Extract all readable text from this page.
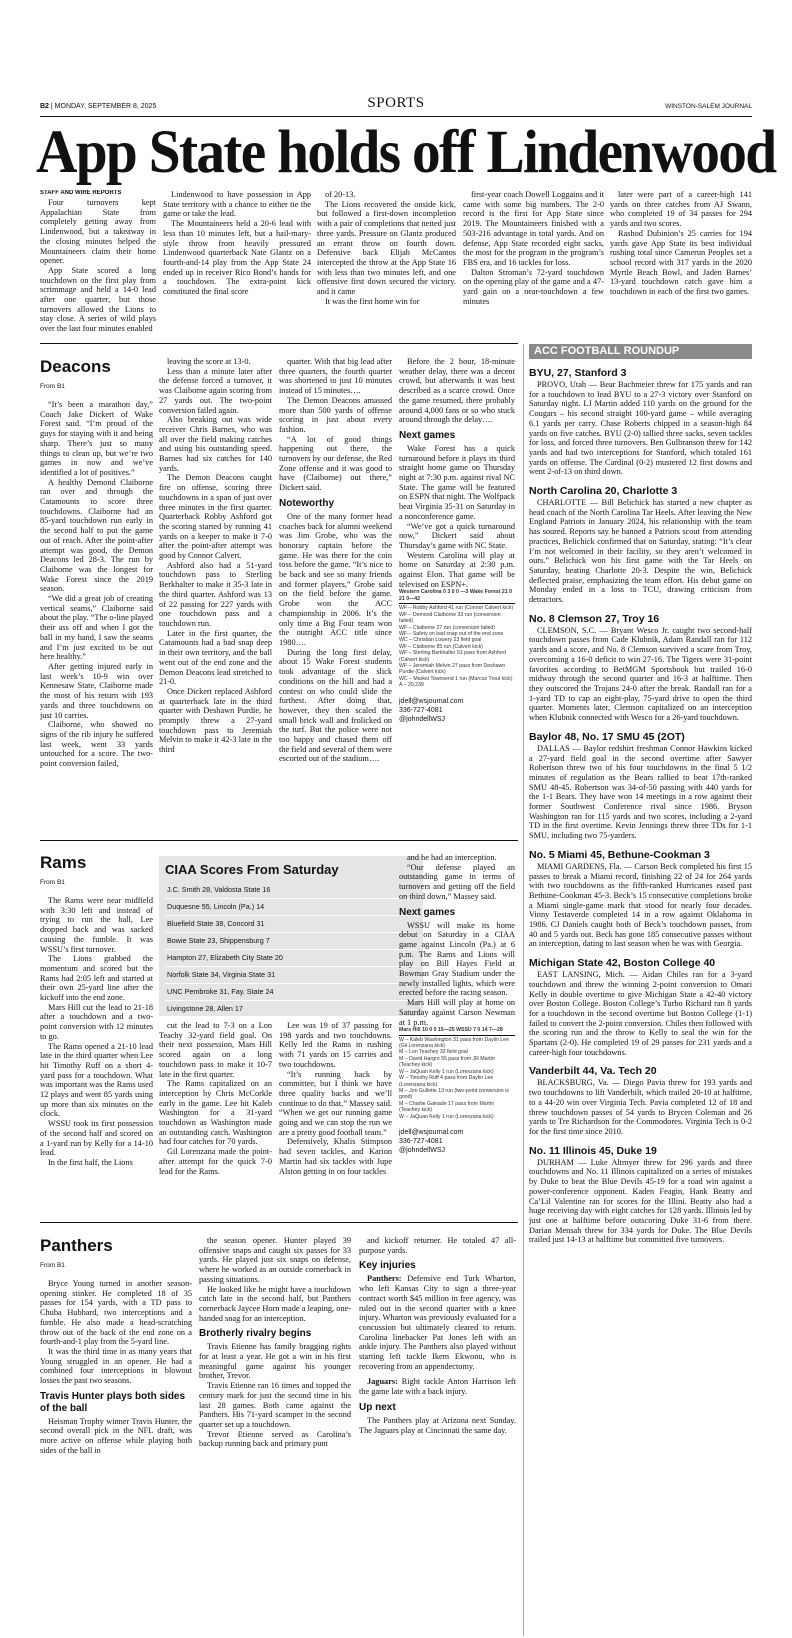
B2 | MONDAY, SEPTEMBER 8, 2025	SPORTS	WINSTON-SALEM JOURNAL
App State holds off Lindenwood
STAFF AND WIRE REPORTS

Four turnovers kept Appalachian State from completely getting away from Lindenwood, but a takeaway in the closing minutes helped the Mountaineers claim their home opener.

App State scored a long touchdown on the first play from scrimmage and held a 14-0 lead after one quarter, but those turnovers allowed the Lions to stay close. A series of wild plays over the last four minutes enabled

Lindenwood to have possession in App State territory with a chance to either tie the game or take the lead.

The Mountaineers held a 20-6 lead with less than 10 minutes left, but a hail-mary-style throw from heavily pressured Lindenwood quarterback Nate Glantz on a fourth-and-14 play from the App State 24 ended up in receiver Rico Bond’s hands for a touchdown. The extra-point kick constituted the final score

of 20-13.

The Lions recovered the onside kick, but followed a first-down incompletion with a pair of completions that netted just three yards. Pressure on Glantz produced an errant throw on fourth down. Defensive back Elijah McCantos intercepted the throw at the App State 16 with less than two minutes left, and one offensive first down secured the victory. and it came

It was the first home win for

first-year coach Dowell Loggains and it came with some big numbers. The 2-0 record is the first for App State since 2019. The Mountaineers finished with a 503-216 advantage in total yards. And on defense, App State recorded eight sacks, the most for the program in the program’s FBS era, and 16 tackles for loss.

Dalton Stroman’s 72-yard touchdown on the opening play of the game and a 47-yard gain on a near-touchdown a few minutes

later were part of a career-high 141 yards on three catches from AJ Swann, who completed 19 of 34 passes for 294 yards and two scores.

Rashod Dubinion’s 25 carries for 194 yards gave App State its best individual rushing total since Camerun Peoples set a school record with 317 yards in the 2020 Myrtle Beach Bowl, and Jaden Barnes’ 13-yard touchdown catch gave him a touchdown in each of the first two games.

Deacons
From B1

“It’s been a marathon day,” Coach Jake Dickert of Wake Forest said. “I’m proud of the guys for staying with it and being sharp. There’s just so many things to clean up, but we’re two games in now and we’ve identified a lot of positives.”

A healthy Demond Claiborne ran over and through the Catamounts to score three touchdowns. Claiborne had an 85-yard touchdown run early in the second half to put the game out of reach. After the point-after attempt was good, the Demon Deacons led 28-3. The run by Claiborne was the longest for Wake Forest since the 2019 season.

“We did a great job of creating vertical seams,” Claiborne said about the play. “The o-line played their ass off and when I got the ball in my hand, I saw the seams and I’m just excited to be out here healthy.”

After getting injured early in last week’s 10-9 win over Kennesaw State, Claiborne made the most of his return with 193 yards and three touchdowns on just 10 carries.

Claiborne, who showed no signs of the rib injury he suffered last week, went 33 yards untouched for a score. The two-point conversion failed,

leaving the score at 13-0.

Less than a minute later after the defense forced a turnover, it was Claiborne again scoring from 27 yards out. The two-point conversion failed again.

Also breaking out was wide receiver Chris Barnes, who was all over the field making catches and using his outstanding speed. Barnes had six catches for 140 yards.

The Demon Deacons caught fire on offense, scoring three touchdowns in a span of just over three minutes in the first quarter. Quarterback Robby Ashford got the scoring started by running 41 yards on a keeper to make it 7-0 after the point-after attempt was good by Connor Calvert.

Ashford also had a 51-yard touchdown pass to Sterling Berkhalter to make it 35-3 late in the third quarter. Ashford was 13 of 22 passing for 227 yards with one touchdown pass and a touchdown run.

Later in the first quarter, the Catamounts had a bad snap deep in their own territory, and the ball went out of the end zone and the Demon Deacons lead stretched to 21-0.

Once Dickert replaced Ashford at quarterback late in the third quarter with Deshawn Purdie, he promptly threw a 27-yard touchdown pass to Jeremiah Melvin to make it 42-3 late in the third

quarter. With that big lead after three quarters, the fourth quarter was shortened to just 10 minutes instead of 15 minutes….

The Demon Deacons amassed more than 500 yards of offense scoring in just about every fashion.

“A lot of good things happening out there, the turnovers by our defense, the Red Zone offense and it was good to have (Claiborne) out there,” Dickert said.

Noteworthy

One of the many former head coaches back for alumni weekend was Jim Grobe, who was the honorary captain before the game. He was there for the coin toss before the game. “It’s nice to be back and see so many friends and former players,” Grobe said on the field before the game. Grobe won the ACC championship in 2006. It’s the only time a Big Four team won the outright ACC title since 1980….

During the long first delay, about 15 Wake Forest students took advantage of the slick conditions on the hill and had a contest on who could slide the furthest. After doing that, however, they then scaled the small brick wall and frolicked on the turf. But the police were not too happy and chased them off the field and several of them were escorted out of the stadium….

Before the 2 hour, 18-minute weather delay, there was a decent crowd, but afterwards it was best described as a scarce crowd. Once the game resumed, there probably around 4,000 fans or so who stuck around through the delay….

Next games

Wake Forest has a quick turnaround before it plays its third straight home game on Thursday night at 7:30 p.m. against rival NC State. The game will be featured on ESPN that night. The Wolfpack beat Virginia 35-31 on Saturday in a nonconference game.

“We’ve got a quick turnaround now,” Dickert said about Thursday’s game with NC State.

Western Carolina will play at home on Saturday at 2:30 p.m. against Elon. That game will be televised on ESPN+.

Western Carolina 0 3 0 0 —3 Wake Forest 21 0 21 0—42
WF – Robby Ashford 41 run (Connor Calvert kick)
WF – Demond Claiborne 33 run (conversion failed)
WF – Claiborne 27 run (conversion failed)
WF – Safety on bad snap out of the end zone
WC – Christian Lowery 23 field goal
WF – Claiborne 85 run (Calvert kick)
WF – Sterling Berkhalter 51 pass from Ashford (Calvert kick)
WF – Jeremiah Melvin 27 pass from Deshawn Purdie (Calvert kick)
WC – Markel Townsend 1 run (Marcus Trout kick)
A – 29,239
jdell@wsjournal.com
336-727-4081
@johndellWSJ
Rams
From B1

The Rams were near midfield with 3:30 left and instead of trying to run the ball, Lee dropped back and was sacked causing the fumble. It was WSSU’s first turnover.

The Lions grabbed the momentum and scored but the Rams had 2:05 left and started at their own 25-yard line after the kickoff into the end zone.

Mars Hill cut the lead to 21-18 after a touchdown and a two-point conversion with 12 minutes to go.

The Rams opened a 21-10 lead late in the third quarter when Lee hit Timothy Ruff on a short 4-yard pass for a touchdown. What was important was the Rams used 12 plays and went 85 yards using up more than six minutes on the clock.

WSSU took its first possession of the second half and scored on a 1-yard run by Kelly for a 14-10 lead.

In the first half, the Lions

CIAA Scores From Saturday
J.C. Smith 28, Valdosta State 16
Duquesne 55, Lincoln (Pa.) 14
Bluefield State 38, Concord 31
Bowie State 23, Shippensburg 7
Hampton 27, Elizabeth City State 20
Norfolk State 34, Virginia State 31
UNC Pembroke 31, Fay. State 24
Livingstone 28, Allen 17

cut the lead to 7-3 on a Lon Teachy 32-yard field goal. On their next possession, Mars Hill scored again on a long touchdown pass to make it 10-7 late in the first quarter.

The Rams capitalized on an interception by Chris McCorkle early in the game. Lee hit Kaleb Washington for a 31-yard touchdown as Washington made an outstanding catch. Washington had four catches for 70 yards.

Gil Lorenzana made the point-after attempt for the quick 7-0 lead for the Rams.

Lee was 19 of 37 passing for 198 yards and two touchdowns. Kelly led the Rams in rushing with 71 yards on 15 carries and two touchdowns.

“It’s running back by committee, but I think we have three quality backs and we’ll continue to do that,” Massey said. “When we get our running game going and we can stop the run we are a pretty good football team.”

Defensively, Khalis Stimpson had seven tackles, and Karion Martin had six tackles with Jupe Alston getting in on four tackles

and he had an interception.

“Our defense played an outstanding game in terms of turnovers and getting off the field on third down,” Massey said.

Next games

WSSU will make its home debut on Saturday in a CIAA game against Lincoln (Pa.) at 6 p.m. The Rams and Lions will play on Bill Hayes Field at Bowman Gray Stadium under the newly installed lights, which were erected before the racing season.

Mars Hill will play at home on Saturday against Carson Newman at 1 p.m.

Mars Hill 10 0 0 15—25 WSSU 7 0 14 7—28
W – Kaleb Washington 31 pass from Daylin Lee (Gil Lorenzana kick)
M – Lon Teachey 32 field goal
M – David Hargro 55 pass from JR Martin (Teachey kick)
W – JaQuan Kelly 1 run (Lorenzana kick)
W – Timothy Ruff 4 pass from Daylin Lee (Lorenzana kick)
M – Jon Gullette 13 run (two-point conversion is good)
M – Charlie Gainade 17 pass from Martin (Teachey kick)
W – JaQuan Kelly 1 run (Lorenzana kick)
jdell@wsjournal.com
336-727-4081
@johndellWSJ
Panthers
From B1

Bryce Young turned in another season-opening stinker. He completed 18 of 35 passes for 154 yards, with a TD pass to Chuba Hubbard, two interceptions and a fumble. He also made a head-scratching throw out of the back of the end zone on a fourth-and-1 play from the 5-yard line.

It was the third time in as many years that Young struggled in an opener. He had a combined four interceptions in blowout losses the past two seasons.

Travis Hunter plays both sides of the ball

Heisman Trophy winner Travis Hunter, the second overall pick in the NFL draft, was more active on offense while playing both sides of the ball in

the season opener. Hunter played 39 offensive snaps and caught six passes for 33 yards. He played just six snaps on defense, where he worked as an outside cornerback in passing situations.

He looked like he might have a touchdown catch late in the second half, but Panthers cornerback Jaycee Horn made a leaping, one-handed snag for an interception.

Brotherly rivalry begins

Travis Etienne has family bragging rights for at least a year. He got a win in his first meaningful game against his younger brother, Trevor.

Travis Etienne ran 16 times and topped the century mark for just the second time in his last 28 games. Both came against the Panthers. His 71-yard scamper in the second quarter set up a touchdown.

Trevor Etienne served as Carolina’s backup running back and primary punt

and kickoff returner. He totaled 47 all-purpose yards.

Key injuries

Panthers: Defensive end Turk Wharton, who left Kansas City to sign a three-year contract worth $45 million in free agency, was ruled out in the second quarter with a knee injury. Wharton was previously evaluated for a concussion but ultimately cleared to return. Carolina linebacker Pat Jones left with an ankle injury. The Panthers also played without starting left tackle Ikem Ekwonu, who is recovering from an appendectomy.

Jaguars: Right tackle Anton Harrison left the game late with a back injury.

Up next

The Panthers play at Arizona next Sunday. The Jaguars play at Cincinnati the same day.

ACC FOOTBALL ROUNDUP
BYU, 27, Stanford 3
PROVO, Utah — Bear Bachmeier threw for 175 yards and ran for a touchdown to lead BYU to a 27-3 victory over Stanford on Saturday night. LJ Martin added 110 yards on the ground for the Cougars – his second straight 100-yard game – while averaging 6.1 yards per carry. Chase Roberts chipped in a season-high 84 yards on five catches. BYU (2-0) tallied three sacks, seven tackles for loss, and forced three turnovers. Ben Gulbranson threw for 142 yards and had two interceptions for Stanford, which totaled 161 yards on offense. The Cardinal (0-2) mustered 12 first downs and went 2-of-13 on third down.
North Carolina 20, Charlotte 3
CHARLOTTE — Bill Belichick has started a new chapter as head coach of the North Carolina Tar Heels. After leaving the New England Patriots in January 2024, his relationship with the team has soured. Reports say he banned a Patriots scout from attending practices, Belichick confirmed that on Saturday, stating: “It’s clear I’m not welcomed in their facility, so they aren’t welcomed in ours.” Belichick won his first game with the Tar Heels on Saturday, beating Charlotte 20-3. Despite the win, Belichick deflected praise, emphasizing the team effort. His debut game on Monday ended in a loss to TCU, drawing criticism from detractors.
No. 8 Clemson 27, Troy 16
CLEMSON, S.C. — Bryant Wesco Jr. caught two second-half touchdown passes from Cade Klubnik, Adam Randall ran for 112 yards and a score, and No. 8 Clemson survived a scare from Troy, overcoming a 16-0 deficit to win 27-16. The Tigers were 31-point favorites according to BetMGM Sportsbook but trailed 16-0 midway through the second quarter and 16-3 at halftime. Then they outscored the Trojans 24-0 after the break. Randall ran for a 1-yard TD to cap an eight-play, 75-yard drive to open the third quarter. Moments later, Clemson capitalized on an interception when Klubnik connected with Wesco for a 26-yard touchdown.
Baylor 48, No. 17 SMU 45 (2OT)
DALLAS — Baylor redshirt freshman Connor Hawkins kicked a 27-yard field goal in the second overtime after Sawyer Robertson threw two of his four touchdowns in the final 5 1/2 minutes of regulation as the Bears rallied to beat 17th-ranked SMU 48-45. Robertson was 34-of-50 passing with 440 yards for the 1-1 Bears. They have won 14 meetings in a row against their former Southwest Conference rival since 1986. Bryson Washington ran for 115 yards and two scores, including a 2-yard TD in the first overtime. Kevin Jennings threw three TDs for 1-1 SMU, including two 75-yarders.
No. 5 Miami 45, Bethune-Cookman 3
MIAMI GARDENS, Fla. — Carson Beck completed his first 15 passes to break a Miami record, finishing 22 of 24 for 264 yards with two touchdowns as the fifth-ranked Hurricanes eased past Bethune-Cookman 45-3. Beck’s 15 consecutive completions broke a Miami single-game mark that stood for nearly four decades. Vinny Testaverde completed 14 in a row against Oklahoma in 1986. CJ Daniels caught both of Beck’s touchdown passes, from 40 and 5 yards out. Beck has gone 185 consecutive passes without an interception, dating to last season when he was with Georgia.
Michigan State 42, Boston College 40
EAST LANSING, Mich. — Aidan Chiles ran for a 3-yard touchdown and threw the winning 2-point conversion to Omari Kelly in double overtime to give Michigan State a 42-40 victory over Boston College. Boston College’s Turbo Richard ran 8 yards for a touchdown in the second overtime but Boston College (1-1) failed to convert the 2-point conversion. Chiles then followed with the scoring run and the throw to Kelly to seal the win for the Spartans (2-0). He completed 19 of 29 passes for 231 yards and a career-high four touchdowns.
Vanderbilt 44, Va. Tech 20
BLACKSBURG, Va. — Diego Pavia threw for 193 yards and two touchdowns to lift Vanderbilt, which trailed 20-10 at halftime, to a 44-20 win over Virginia Tech. Pavia completed 12 of 18 and threw touchdown passes of 54 yards to Brycen Coleman and 26 yards to Tre Richardson for the Commodores. Virginia Tech is 0-2 for the first time since 2010.
No. 11 Illinois 45, Duke 19
DURHAM — Luke Altmyer threw for 296 yards and three touchdowns and No. 11 Illinois capitalized on a series of mistakes by Duke to beat the Blue Devils 45-19 for a road win against a power-conference opponent. Kaden Feagin, Hank Beatty and Ca’Lil Valentine ran for scores for the Illini. Beatty also had a huge receiving day with eight catches for 128 yards. Illinois led by just one at halftime before outscoring Duke 31-6 from there. Darian Mensah threw for 334 yards for Duke. The Blue Devils trailed just 14-13 at halftime but committed five turnovers.
